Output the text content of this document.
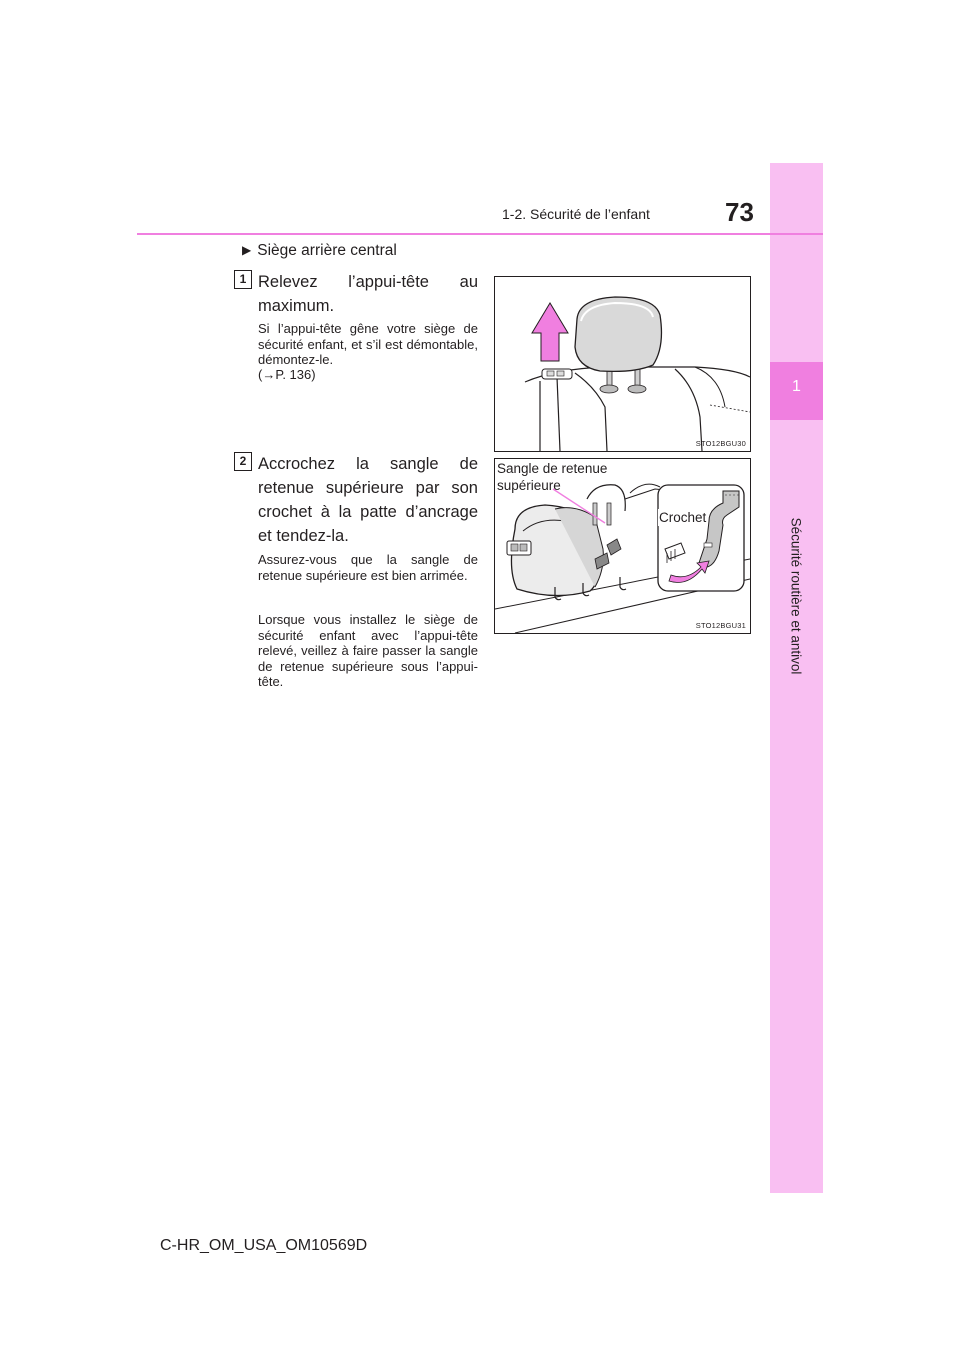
1
Sécurité routière et antivol
1-2. Sécurité de l’enfant	73
▶ Siège arrière central
1 Relevez l’appui-tête au maximum.
Si l’appui-tête gêne votre siège de sécurité enfant, et s’il est démontable, démontez-le.
(→P. 136)
STO12BGU30
2 Accrochez la sangle de retenue supérieure par son crochet à la patte d’ancrage et tendez-la.
Assurez-vous que la sangle de retenue supérieure est bien arrimée.
Lorsque vous installez le siège de sécurité enfant avec l’appui-tête relevé, veillez à faire passer la sangle de retenue supérieure sous l’appui-tête.
Sangle de retenue supérieure
Crochet
STO12BGU31
C-HR_OM_USA_OM10569D
